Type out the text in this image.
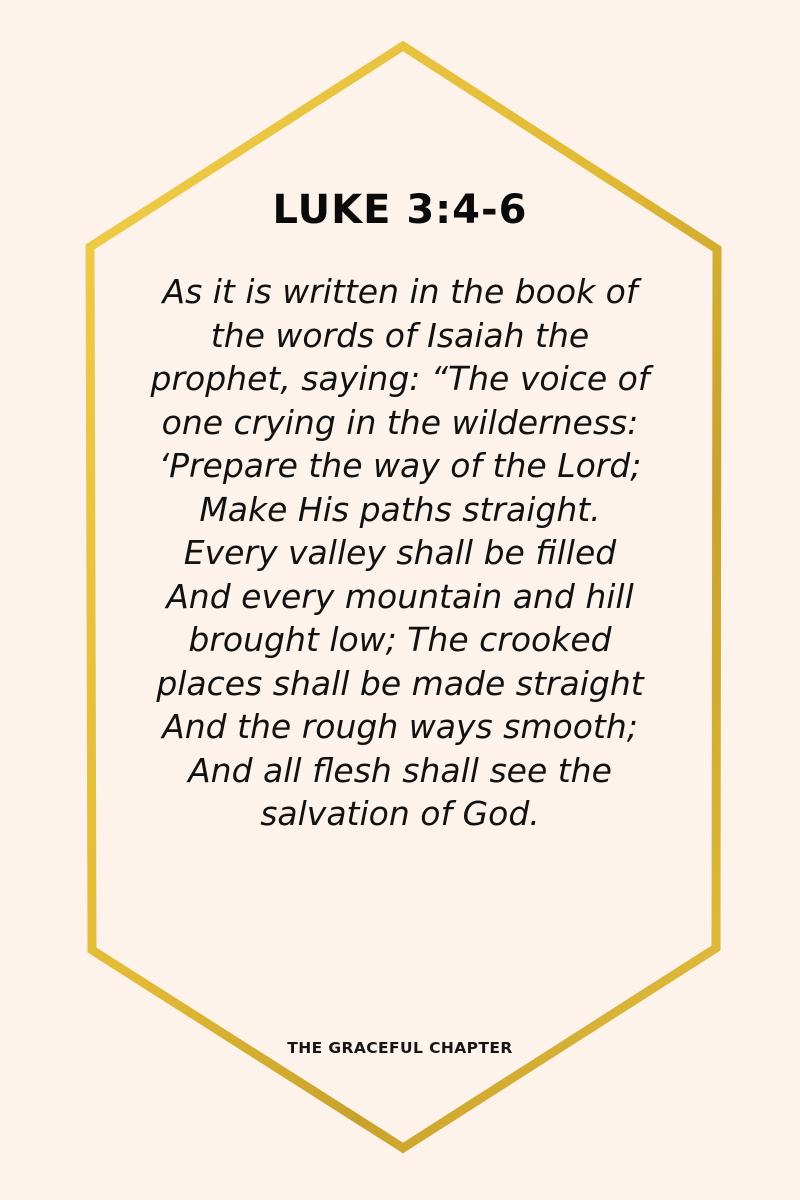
LUKE 3:4-6
As it is written in the book of
the words of Isaiah the
prophet, saying: “The voice of
one crying in the wilderness:
‘Prepare the way of the Lord;
Make His paths straight.
Every valley shall be filled
And every mountain and hill
brought low; The crooked
places shall be made straight
And the rough ways smooth;
And all flesh shall see the
salvation of God.
THE GRACEFUL CHAPTER
